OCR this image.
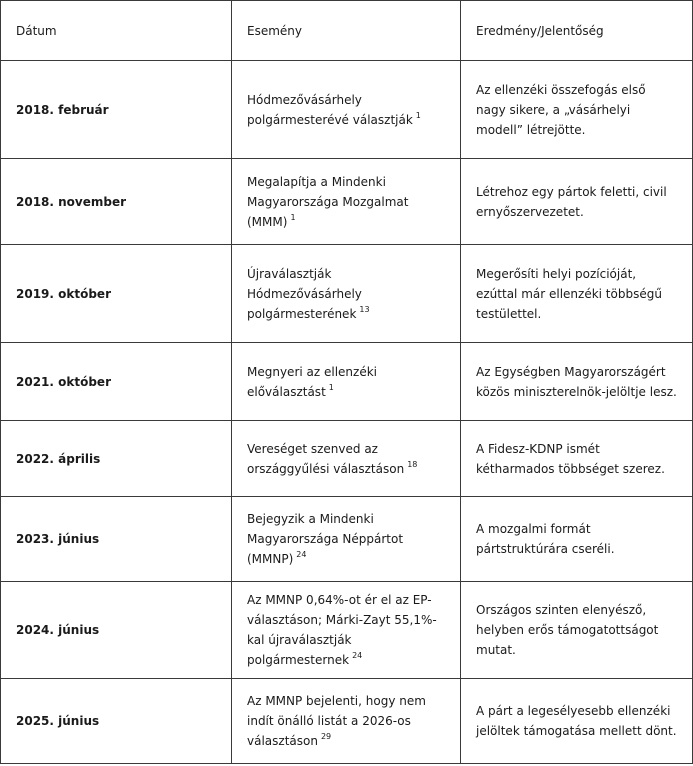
Dátum	Esemény	Eredmény/Jelentőség
2018. február	Hódmezővásárhely polgármesterévé választják $^1$	Az ellenzéki összefogás első nagy sikere, a „vásárhelyi modell” létrejötte.
2018. november	Megalapítja a Mindenki Magyarországa Mozgalmat (MMM) $^1$	Létrehoz egy pártok feletti, civil ernyőszervezetet.
2019. október	Újraválasztják Hódmezővásárhely polgármesterének $^{13}$	Megerősíti helyi pozícióját, ezúttal már ellenzéki többségű testülettel.
2021. október	Megnyeri az ellenzéki előválasztást $^1$	Az Egységben Magyarországért közös miniszterelnök-jelöltje lesz.
2022. április	Vereséget szenved az országgyűlési választáson $^{18}$	A Fidesz-KDNP ismét kétharmados többséget szerez.
2023. június	Bejegyzik a Mindenki Magyarországa Néppártot (MMNP) $^{24}$	A mozgalmi formát pártstruktúrára cseréli.
2024. június	Az MMNP 0,64%-ot ér el az EP-választáson; Márki-Zayt 55,1%-kal újraválasztják polgármesternek $^{24}$	Országos szinten elenyésző, helyben erős támogatottságot mutat.
2025. június	Az MMNP bejelenti, hogy nem indít önálló listát a 2026-os választáson $^{29}$	A párt a legesélyesebb ellenzéki jelöltek támogatása mellett dönt.
